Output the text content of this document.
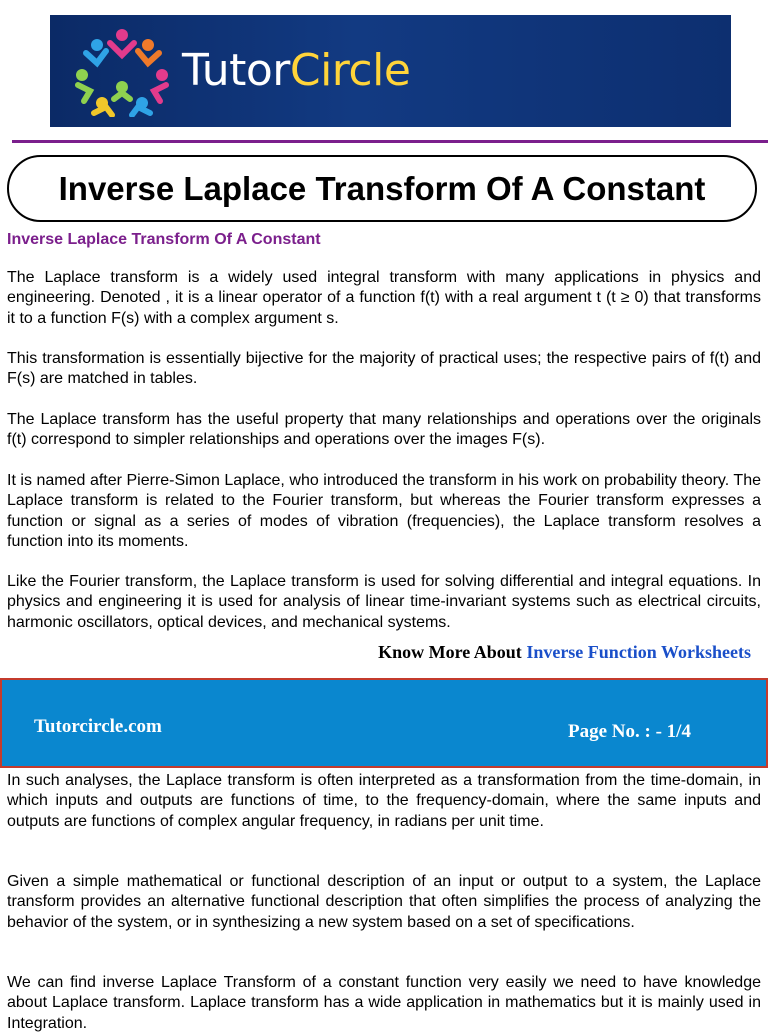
TutorCircle
Inverse Laplace Transform Of A Constant
Inverse Laplace Transform Of A Constant

The Laplace transform is a widely used integral transform with many applications in physics and engineering. Denoted , it is a linear operator of a function f(t) with a real argument t (t ≥ 0) that transforms it to a function F(s) with a complex argument s.

This transformation is essentially bijective for the majority of practical uses; the respective pairs of f(t) and F(s) are matched in tables.

The Laplace transform has the useful property that many relationships and operations over the originals f(t) correspond to simpler relationships and operations over the images F(s).

It is named after Pierre-Simon Laplace, who introduced the transform in his work on probability theory. The Laplace transform is related to the Fourier transform, but whereas the Fourier transform expresses a function or signal as a series of modes of vibration (frequencies), the Laplace transform resolves a function into its moments.

Like the Fourier transform, the Laplace transform is used for solving differential and integral equations. In physics and engineering it is used for analysis of linear time-invariant systems such as electrical circuits, harmonic oscillators, optical devices, and mechanical systems.

Know More About Inverse Function Worksheets
Tutorcircle.com	Page No. : - 1/4

In such analyses, the Laplace transform is often interpreted as a transformation from the time-domain, in which inputs and outputs are functions of time, to the frequency-domain, where the same inputs and outputs are functions of complex angular frequency, in radians per unit time.

Given a simple mathematical or functional description of an input or output to a system, the Laplace transform provides an alternative functional description that often simplifies the process of analyzing the behavior of the system, or in synthesizing a new system based on a set of specifications.

We can find inverse Laplace Transform of a constant function very easily we need to have knowledge about Laplace transform. Laplace transform has a wide application in mathematics but it is mainly used in Integration.
